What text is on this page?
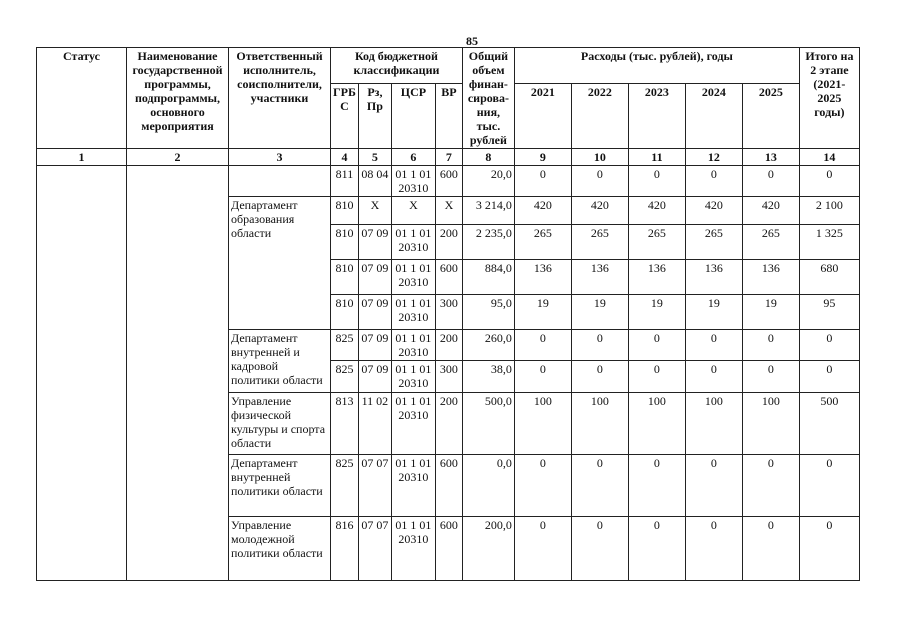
85
Статус	Наименование государственной программы, подпрограммы, основного мероприятия	Ответственный исполнитель, соисполнители, участники	Код бюджетной классификации				Общий объем финан-сирова-ния, тыс. рублей	Расходы (тыс. рублей), годы					Итого на 2 этапе (2021-2025 годы)
			ГРБ С	Рз, Пр	ЦСР	ВР		2021	2022	2023	2024	2025	
1	2	3	4	5	6	7	8	9	10	11	12	13	14
			811	08 04	01 1 01 20310	600	20,0	0	0	0	0	0	0
		Департамент образования области	810	Х	Х	Х	3 214,0	420	420	420	420	420	2 100
			810	07 09	01 1 01 20310	200	2 235,0	265	265	265	265	265	1 325
			810	07 09	01 1 01 20310	600	884,0	136	136	136	136	136	680
			810	07 09	01 1 01 20310	300	95,0	19	19	19	19	19	95
		Департамент внутренней и кадровой политики области	825	07 09	01 1 01 20310	200	260,0	0	0	0	0	0	0
			825	07 09	01 1 01 20310	300	38,0	0	0	0	0	0	0
		Управление физической культуры и спорта области	813	11 02	01 1 01 20310	200	500,0	100	100	100	100	100	500
		Департамент внутренней политики области	825	07 07	01 1 01 20310	600	0,0	0	0	0	0	0	0
		Управление молодежной политики области	816	07 07	01 1 01 20310	600	200,0	0	0	0	0	0	0
